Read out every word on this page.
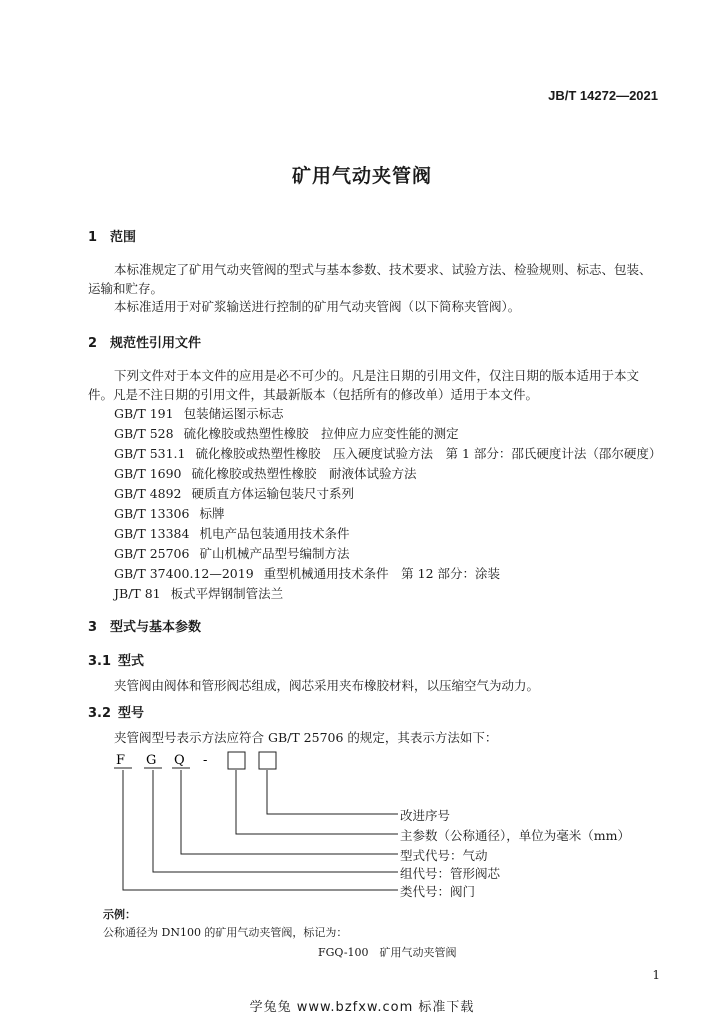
JB/T 14272—2021
矿用气动夹管阀
1 范围
本标准规定了矿用气动夹管阀的型式与基本参数、技术要求、试验方法、检验规则、标志、包装、运输和贮存。
本标准适用于对矿浆输送进行控制的矿用气动夹管阀（以下简称夹管阀）。
2 规范性引用文件
下列文件对于本文件的应用是必不可少的。凡是注日期的引用文件，仅注日期的版本适用于本文件。凡是不注日期的引用文件，其最新版本（包括所有的修改单）适用于本文件。
GB/T 191 包装储运图示标志
GB/T 528 硫化橡胶或热塑性橡胶　拉伸应力应变性能的测定
GB/T 531.1 硫化橡胶或热塑性橡胶　压入硬度试验方法　第 1 部分：邵氏硬度计法（邵尔硬度）
GB/T 1690 硫化橡胶或热塑性橡胶　耐液体试验方法
GB/T 4892 硬质直方体运输包装尺寸系列
GB/T 13306 标牌
GB/T 13384 机电产品包装通用技术条件
GB/T 25706 矿山机械产品型号编制方法
GB/T 37400.12—2019 重型机械通用技术条件　第 12 部分：涂装
JB/T 81 板式平焊钢制管法兰
3 型式与基本参数
3.1 型式
夹管阀由阀体和管形阀芯组成，阀芯采用夹布橡胶材料，以压缩空气为动力。
3.2 型号
夹管阀型号表示方法应符合 GB/T 25706 的规定，其表示方法如下：
F G Q -
改进序号
主参数（公称通径），单位为毫米（mm）
型式代号：气动
组代号：管形阀芯
类代号：阀门
示例：
公称通径为 DN100 的矿用气动夹管阀，标记为：
FGQ-100　矿用气动夹管阀
1
学兔兔 www.bzfxw.com 标准下载
